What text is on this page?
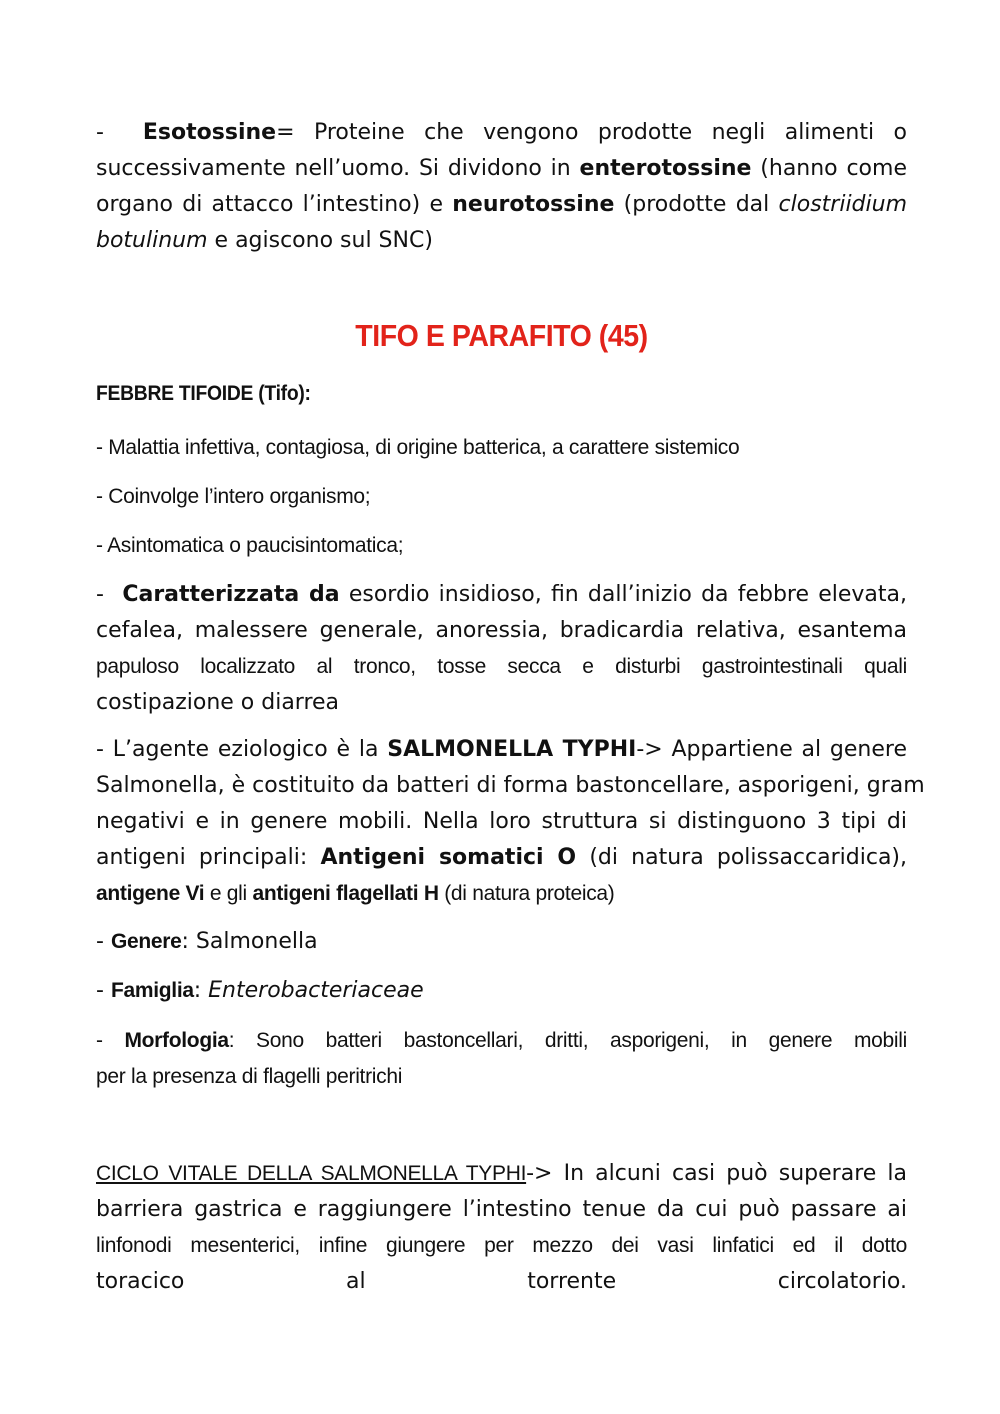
- Esotossine= Proteine che vengono prodotte negli alimenti o
successivamente nell’uomo. Si dividono in enterotossine (hanno come
organo di attacco l’intestino) e neurotossine (prodotte dal clostriidium
botulinum e agiscono sul SNC)
TIFO E PARAFITO (45)
FEBBRE TIFOIDE (Tifo):
- Malattia infettiva, contagiosa, di origine batterica, a carattere sistemico
- Coinvolge l’intero organismo;
- Asintomatica o paucisintomatica;
- Caratterizzata da esordio insidioso, fin dall’inizio da febbre elevata,
cefalea, malessere generale, anoressia, bradicardia relativa, esantema
papuloso localizzato al tronco, tosse secca e disturbi gastrointestinali quali
costipazione o diarrea
- L’agente eziologico è la SALMONELLA TYPHI-> Appartiene al genere
Salmonella, è costituito da batteri di forma bastoncellare, asporigeni, gram
negativi e in genere mobili. Nella loro struttura si distinguono 3 tipi di
antigeni principali: Antigeni somatici O (di natura polissaccaridica),
antigene Vi e gli antigeni flagellati H (di natura proteica)
- Genere: Salmonella
- Famiglia: Enterobacteriaceae
- Morfologia: Sono batteri bastoncellari, dritti, asporigeni, in genere mobili
per la presenza di flagelli peritrichi
CICLO VITALE DELLA SALMONELLA TYPHI-> In alcuni casi può superare la
barriera gastrica e raggiungere l’intestino tenue da cui può passare ai
linfonodi mesenterici, infine giungere per mezzo dei vasi linfatici ed il dotto
toracico	al	torrente	circolatorio.
